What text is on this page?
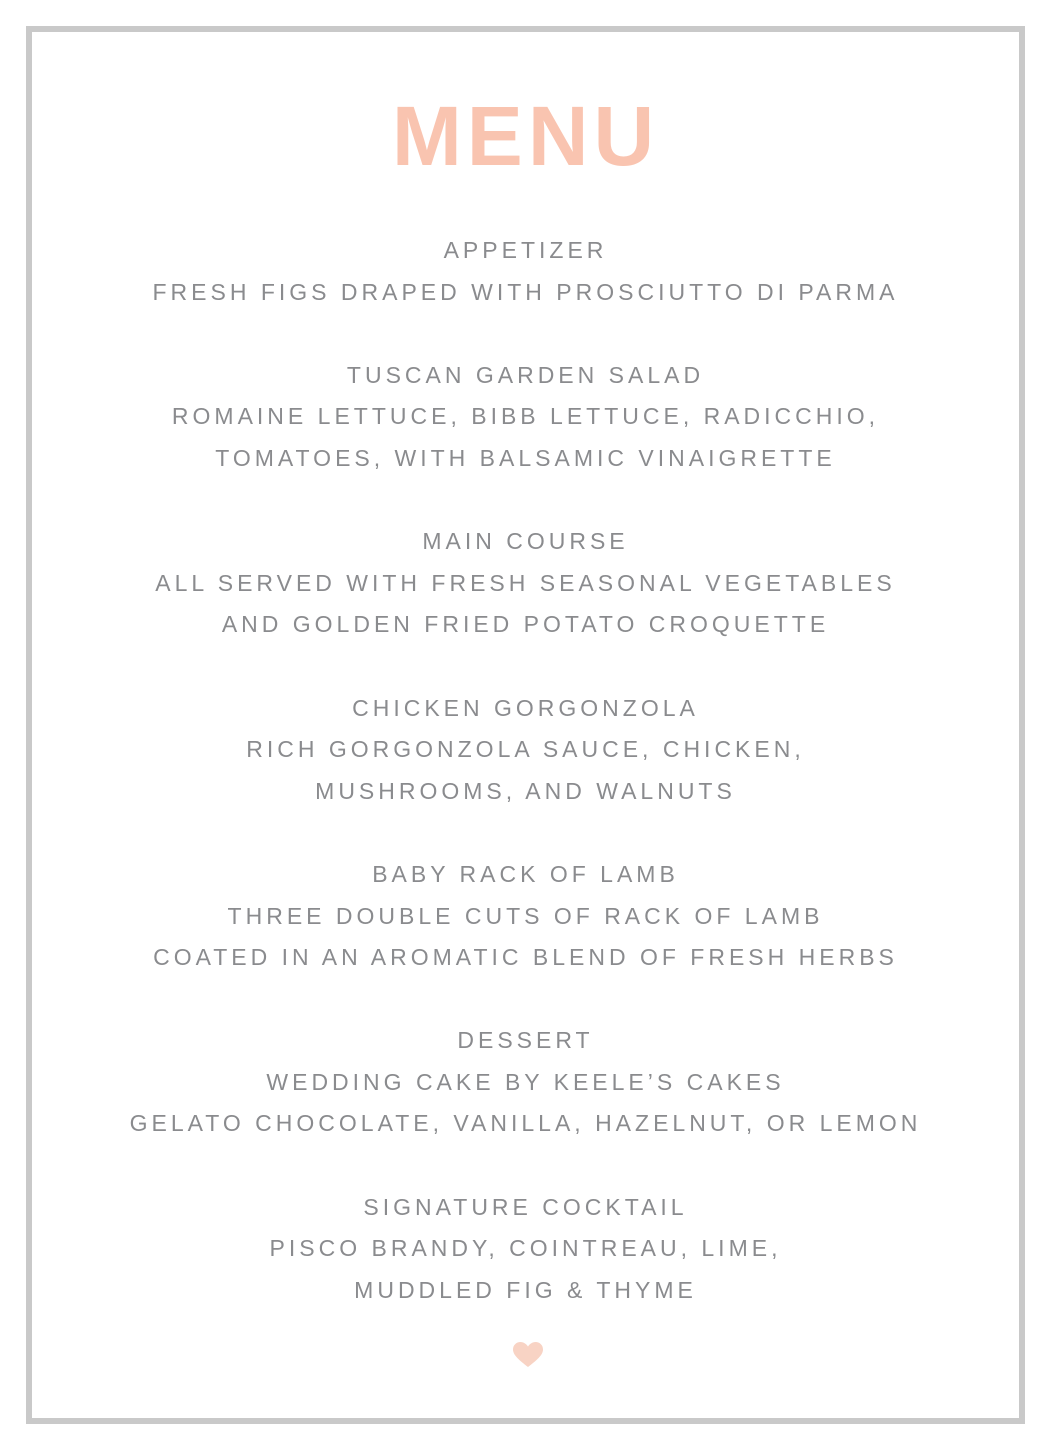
MENU
APPETIZER
FRESH FIGS DRAPED WITH PROSCIUTTO DI PARMA
TUSCAN GARDEN SALAD
ROMAINE LETTUCE, BIBB LETTUCE, RADICCHIO,
TOMATOES, WITH BALSAMIC VINAIGRETTE
MAIN COURSE
ALL SERVED WITH FRESH SEASONAL VEGETABLES
AND GOLDEN FRIED POTATO CROQUETTE
CHICKEN GORGONZOLA
RICH GORGONZOLA SAUCE, CHICKEN,
MUSHROOMS, AND WALNUTS
BABY RACK OF LAMB
THREE DOUBLE CUTS OF RACK OF LAMB
COATED IN AN AROMATIC BLEND OF FRESH HERBS
DESSERT
WEDDING CAKE BY KEELE’S CAKES
GELATO CHOCOLATE, VANILLA, HAZELNUT, OR LEMON
SIGNATURE COCKTAIL
PISCO BRANDY, COINTREAU, LIME,
MUDDLED FIG & THYME
